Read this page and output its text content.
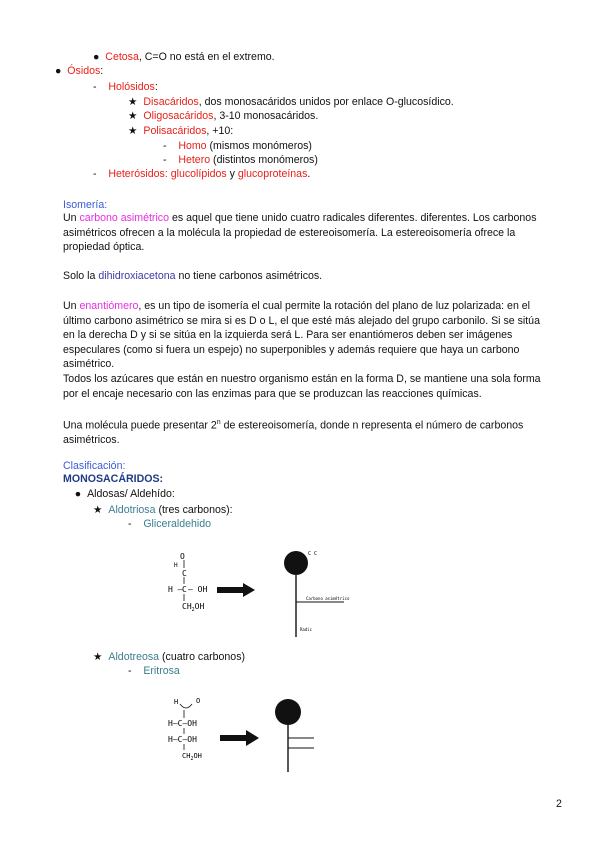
● Cetosa, C=O no está en el extremo.
● Ósidos:
- Holósidos:
★ Disacáridos, dos monosacáridos unidos por enlace O-glucosídico.
★ Oligosacáridos, 3-10 monosacáridos.
★ Polisacáridos, +10:
- Homo (mismos monómeros)
- Hetero (distintos monómeros)
- Heterósidos: glucolípidos y glucoproteínas.
Isomería:
Un carbono asimétrico es aquel que tiene unido cuatro radicales diferentes. diferentes. Los carbonos asimétricos ofrecen a la molécula la propiedad de estereoisomería. La estereoisomería ofrece la propiedad óptica.
Solo la dihidroxiacetona no tiene carbonos asimétricos.
Un enantiómero, es un tipo de isomería el cual permite la rotación del plano de luz polarizada: en el último carbono asimétrico se mira si es D o L, el que esté más alejado del grupo carbonilo. Si se sitúa en la derecha D y si se sitúa en la izquierda será L. Para ser enantiómeros deben ser imágenes especulares (como si fuera un espejo) no superponibles y además requiere que haya un carbono asimétrico.
Todos los azúcares que están en nuestro organismo están en la forma D, se mantiene una sola forma por el encaje necesario con las enzimas para que se produzcan las reacciones químicas.
Una molécula puede presentar 2$^n$ de estereoisomería, donde n representa el número de carbonos asimétricos.
Clasificación:
MONOSACÁRIDOS:
● Aldosas/ Aldehído:
★ Aldotriosa (tres carbonos):
- Gliceraldehido
O
H
C
H – C – OH
$CH_2OH$
C C
Carbono asimétrico
Radic
★ Aldotreosa (cuatro carbonos)
- Eritrosa
H	O
H–C–OH
H–C–OH
$CH_2OH$
2
